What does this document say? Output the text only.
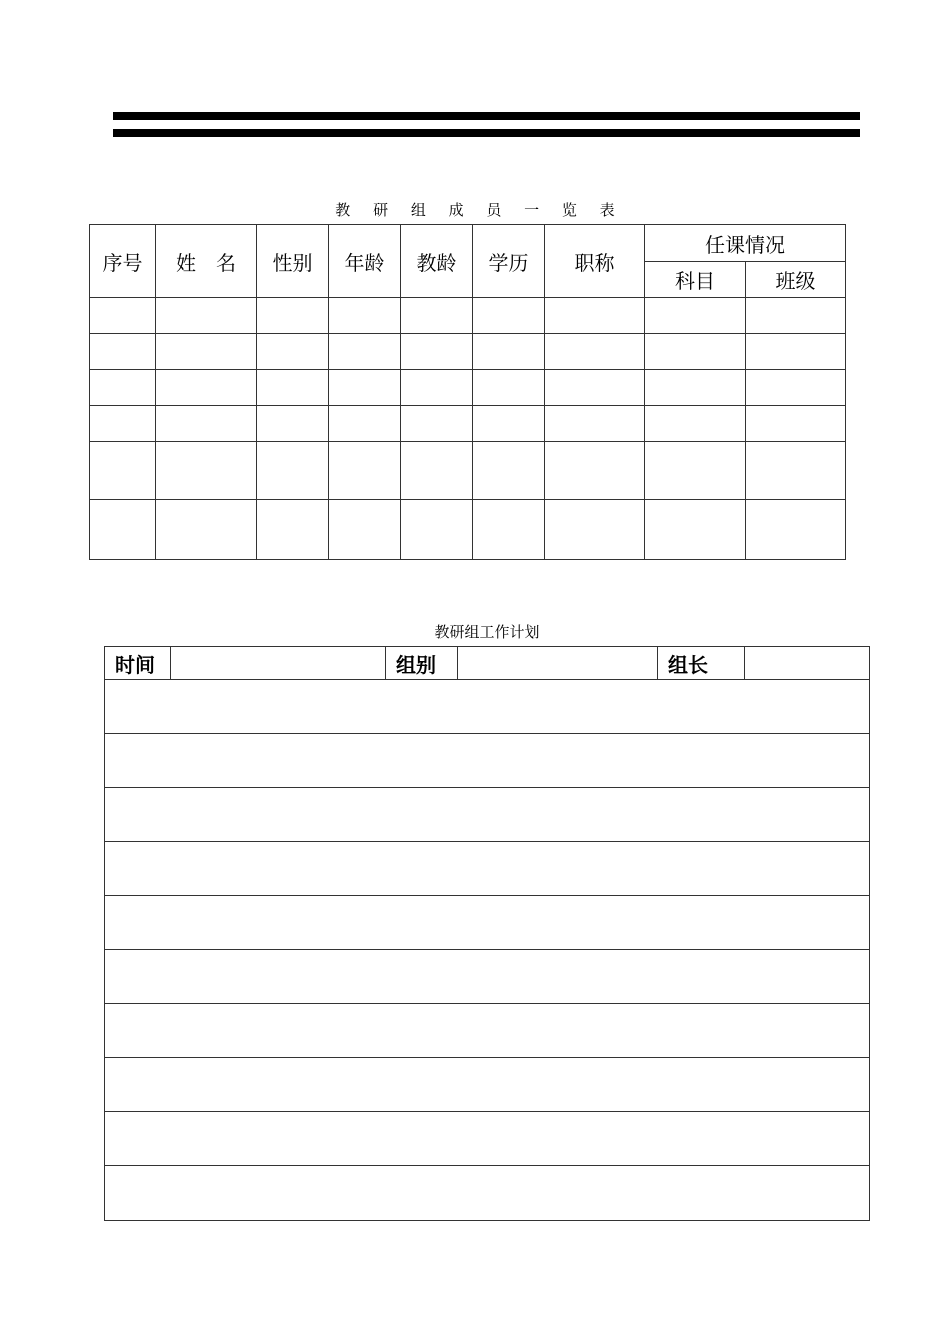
教 研 组 成 员 一 览 表
序号	姓　名	性别	年龄	教龄	学历	职称	任课情况	
							科目	班级

教研组工作计划
时间		组别		组长	
